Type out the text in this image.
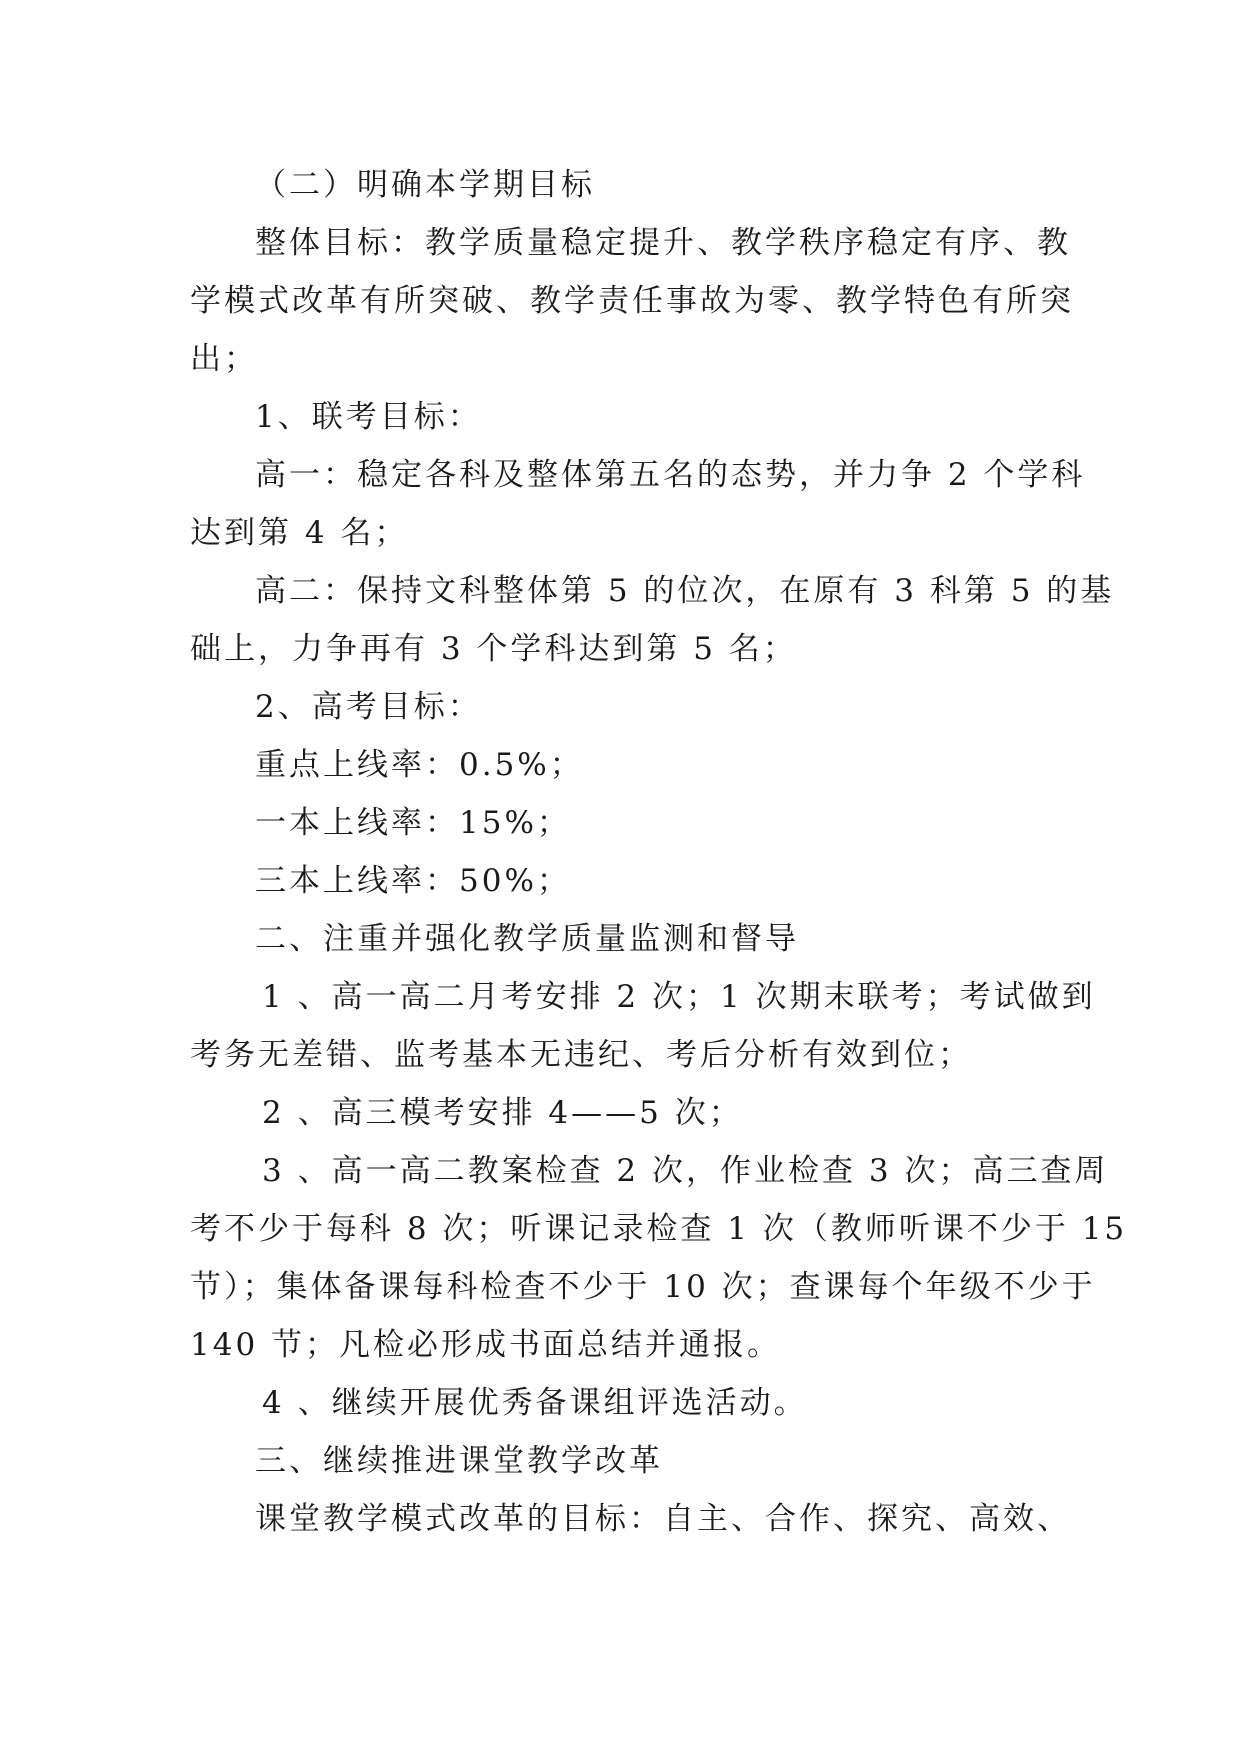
（二）明确本学期目标
整体目标：教学质量稳定提升、教学秩序稳定有序、教
学模式改革有所突破、教学责任事故为零、教学特色有所突
出；
1、联考目标：
高一：稳定各科及整体第五名的态势，并力争 2 个学科
达到第 4 名；
高二：保持文科整体第 5 的位次，在原有 3 科第 5 的基
础上，力争再有 3 个学科达到第 5 名；
2、高考目标：
重点上线率：0.5%；
一本上线率：15%；
三本上线率：50%；
二、注重并强化教学质量监测和督导
1 、高一高二月考安排 2 次；1 次期末联考；考试做到
考务无差错、监考基本无违纪、考后分析有效到位；
2 、高三模考安排 4——5 次；
3 、高一高二教案检查 2 次，作业检查 3 次；高三查周
考不少于每科 8 次；听课记录检查 1 次（教师听课不少于 15
节）；集体备课每科检查不少于 10 次；查课每个年级不少于
140 节；凡检必形成书面总结并通报。
4 、继续开展优秀备课组评选活动。
三、继续推进课堂教学改革
课堂教学模式改革的目标：自主、合作、探究、高效、
